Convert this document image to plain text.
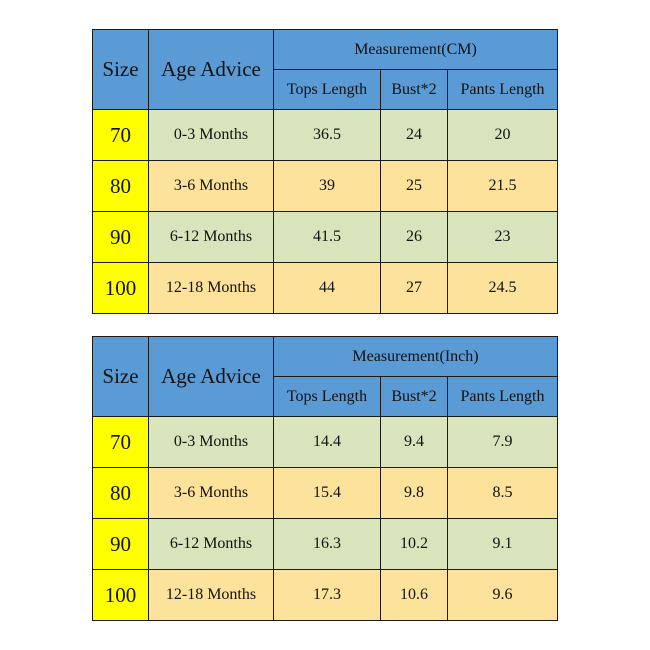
Size	Age Advice	Measurement(CM)		
		Tops Length	Bust*2	Pants Length
70	0-3 Months	36.5	24	20
80	3-6 Months	39	25	21.5
90	6-12 Months	41.5	26	23
100	12-18 Months	44	27	24.5
Size	Age Advice	Measurement(Inch)		
		Tops Length	Bust*2	Pants Length
70	0-3 Months	14.4	9.4	7.9
80	3-6 Months	15.4	9.8	8.5
90	6-12 Months	16.3	10.2	9.1
100	12-18 Months	17.3	10.6	9.6
